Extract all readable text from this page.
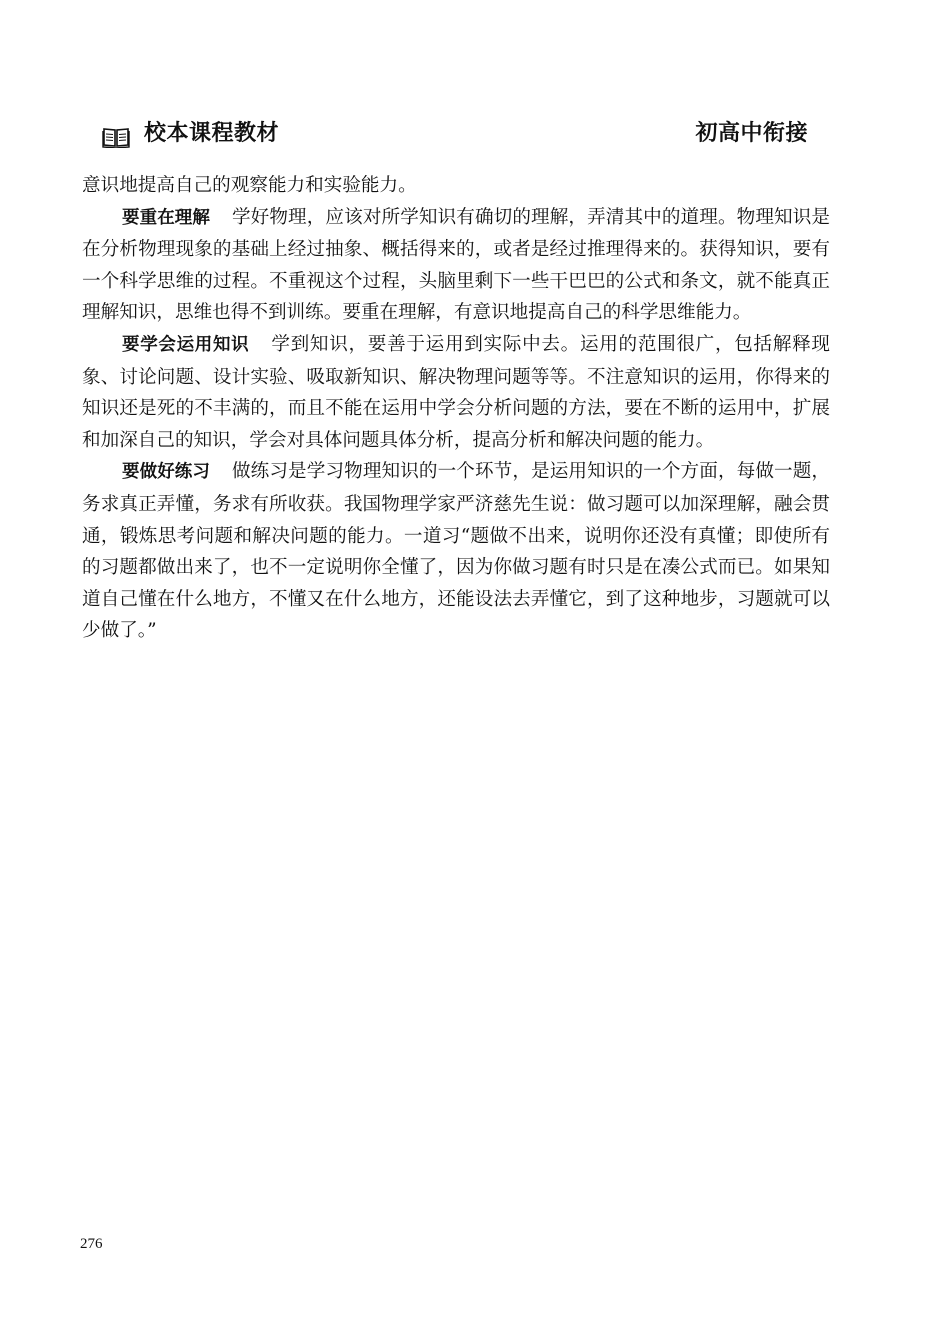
校本课程教材	初高中衔接

意识地提高自己的观察能力和实验能力。

要重在理解 学好物理，应该对所学知识有确切的理解，弄清其中的道理。物理知识是在分析物理现象的基础上经过抽象、概括得来的，或者是经过推理得来的。获得知识，要有一个科学思维的过程。不重视这个过程，头脑里剩下一些干巴巴的公式和条文，就不能真正理解知识，思维也得不到训练。要重在理解，有意识地提高自己的科学思维能力。

要学会运用知识 学到知识，要善于运用到实际中去。运用的范围很广，包括解释现象、讨论问题、设计实验、吸取新知识、解决物理问题等等。不注意知识的运用，你得来的知识还是死的不丰满的，而且不能在运用中学会分析问题的方法，要在不断的运用中，扩展和加深自己的知识，学会对具体问题具体分析，提高分析和解决问题的能力。

要做好练习 做练习是学习物理知识的一个环节，是运用知识的一个方面，每做一题，务求真正弄懂，务求有所收获。我国物理学家严济慈先生说：做习题可以加深理解，融会贯通，锻炼思考问题和解决问题的能力。一道习“题做不出来，说明你还没有真懂；即使所有的习题都做出来了，也不一定说明你全懂了，因为你做习题有时只是在凑公式而已。如果知道自己懂在什么地方，不懂又在什么地方，还能设法去弄懂它，到了这种地步，习题就可以少做了。”

276
